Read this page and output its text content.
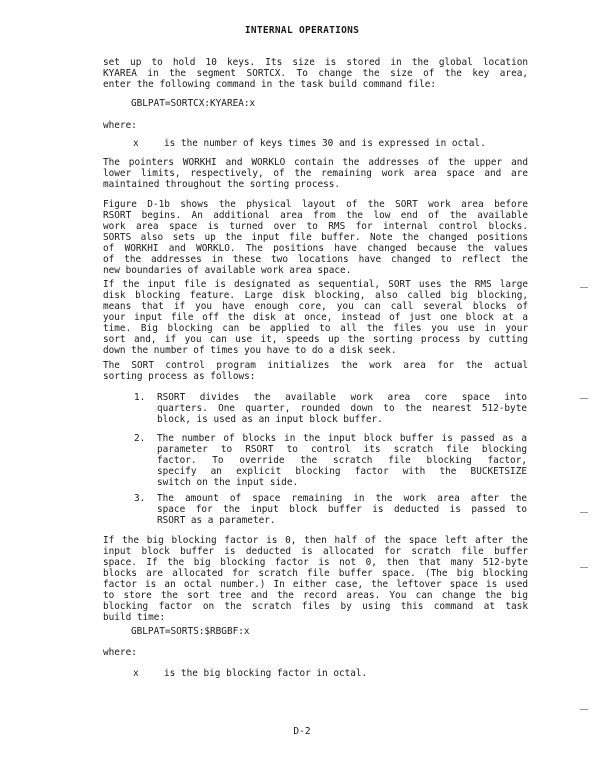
INTERNAL OPERATIONS
set up to hold 10 keys. Its size is stored in the global location
KYAREA in the segment SORTCX. To change the size of the key area,
enter the following command in the task build command file:
GBLPAT=SORTCX:KYAREA:x
where:
x	is the number of keys times 30 and is expressed in octal.
The pointers WORKHI and WORKLO contain the addresses of the upper and
lower limits, respectively, of the remaining work area space and are
maintained throughout the sorting process.
Figure D-1b shows the physical layout of the SORT work area before
RSORT begins. An additional area from the low end of the available
work area space is turned over to RMS for internal control blocks.
SORTS also sets up the input file buffer. Note the changed positions
of WORKHI and WORKLO. The positions have changed because the values
of the addresses in these two locations have changed to reflect the
new boundaries of available work area space.
If the input file is designated as sequential, SORT uses the RMS large
disk blocking feature. Large disk blocking, also called big blocking,
means that if you have enough core, you can call several blocks of
your input file off the disk at once, instead of just one block at a
time. Big blocking can be applied to all the files you use in your
sort and, if you can use it, speeds up the sorting process by cutting
down the number of times you have to do a disk seek.
The SORT control program initializes the work area for the actual
sorting process as follows:
1. RSORT divides the available work area core space into
quarters. One quarter, rounded down to the nearest 512-byte
block, is used as an input block buffer.
2. The number of blocks in the input block buffer is passed as a
parameter to RSORT to control its scratch file blocking
factor. To override the scratch file blocking factor,
specify an explicit blocking factor with the BUCKETSIZE
switch on the input side.
3. The amount of space remaining in the work area after the
space for the input block buffer is deducted is passed to
RSORT as a parameter.
If the big blocking factor is 0, then half of the space left after the
input block buffer is deducted is allocated for scratch file buffer
space. If the big blocking factor is not 0, then that many 512-byte
blocks are allocated for scratch file buffer space. (The big blocking
factor is an octal number.) In either case, the leftover space is used
to store the sort tree and the record areas. You can change the big
blocking factor on the scratch files by using this command at task
build time:
GBLPAT=SORTS:$RBGBF:x
where:
x	is the big blocking factor in octal.
D-2
